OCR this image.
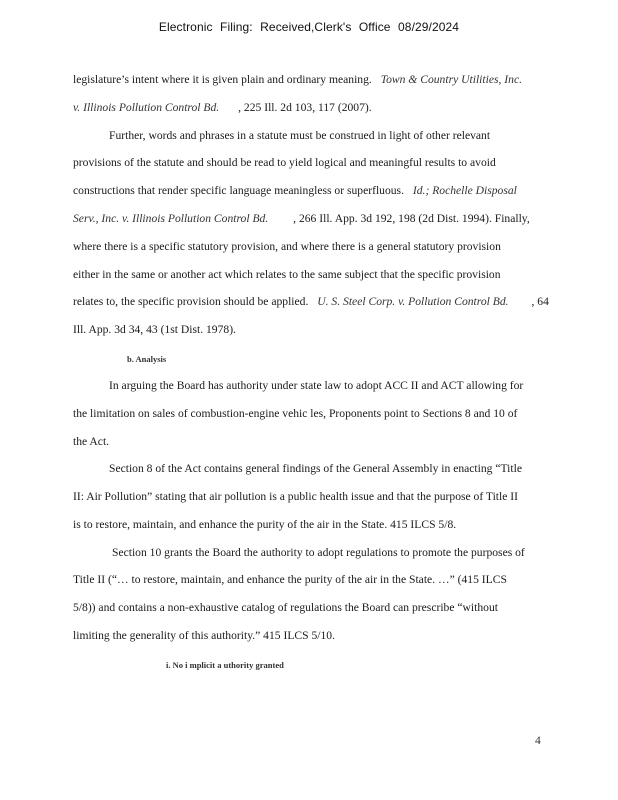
Electronic Filing: Received,Clerk's Office 08/29/2024
legislature’s intent where it is given plain and ordinary meaning. Town & Country Utilities, Inc.
v. Illinois Pollution Control Bd. , 225 Ill. 2d 103, 117 (2007).
Further, words and phrases in a statute must be construed in light of other relevant
provisions of the statute and should be read to yield logical and meaningful results to avoid
constructions that render specific language meaningless or superfluous. Id.; Rochelle Disposal
Serv., Inc. v. Illinois Pollution Control Bd. , 266 Ill. App. 3d 192, 198 (2d Dist. 1994). Finally,
where there is a specific statutory provision, and where there is a general statutory provision
either in the same or another act which relates to the same subject that the specific provision
relates to, the specific provision should be applied. U. S. Steel Corp. v. Pollution Control Bd. , 64
Ill. App. 3d 34, 43 (1st Dist. 1978).
b. Analysis
In arguing the Board has authority under state law to adopt ACC II and ACT allowing for
the limitation on sales of combustion-engine vehic les, Proponents point to Sections 8 and 10 of
the Act.
Section 8 of the Act contains general findings of the General Assembly in enacting “Title
II: Air Pollution” stating that air pollution is a public health issue and that the purpose of Title II
is to restore, maintain, and enhance the purity of the air in the State. 415 ILCS 5/8.
Section 10 grants the Board the authority to adopt regulations to promote the purposes of
Title II (“… to restore, maintain, and enhance the purity of the air in the State. …” (415 ILCS
5/8)) and contains a non-exhaustive catalog of regulations the Board can prescribe “without
limiting the generality of this authority.” 415 ILCS 5/10.
i. No i mplicit a uthority granted
4
